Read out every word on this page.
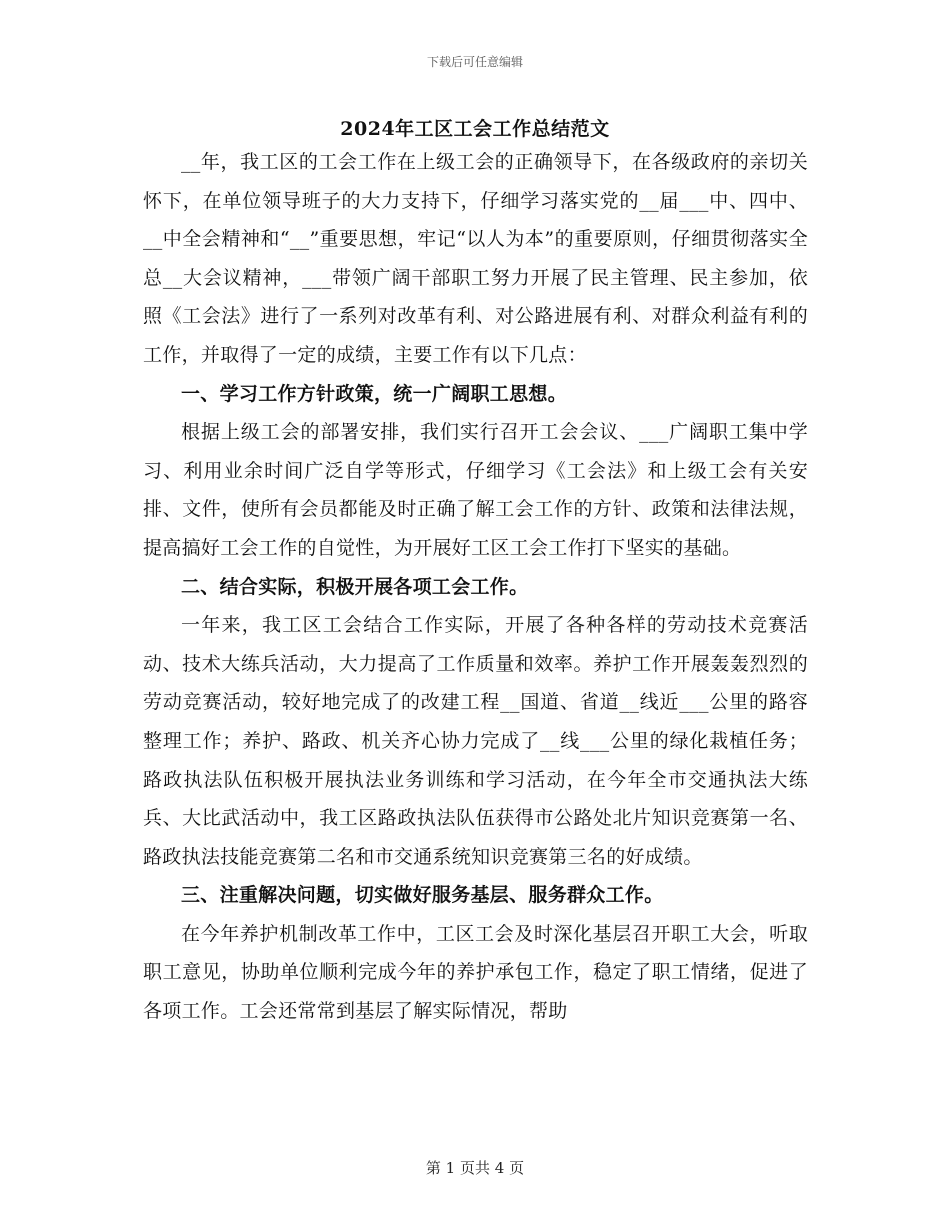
下载后可任意编辑
2024年工区工会工作总结范文

__年，我工区的工会工作在上级工会的正确领导下，在各级政府的亲切关怀下，在单位领导班子的大力支持下，仔细学习落实党的__届___中、四中、__中全会精神和“__”重要思想，牢记“以人为本”的重要原则，仔细贯彻落实全总__大会议精神，___带领广阔干部职工努力开展了民主管理、民主参加，依照《工会法》进行了一系列对改革有利、对公路进展有利、对群众利益有利的工作，并取得了一定的成绩，主要工作有以下几点：

一、学习工作方针政策，统一广阔职工思想。

根据上级工会的部署安排，我们实行召开工会会议、___广阔职工集中学习、利用业余时间广泛自学等形式，仔细学习《工会法》和上级工会有关安排、文件，使所有会员都能及时正确了解工会工作的方针、政策和法律法规，提高搞好工会工作的自觉性，为开展好工区工会工作打下坚实的基础。

二、结合实际，积极开展各项工会工作。

一年来，我工区工会结合工作实际，开展了各种各样的劳动技术竞赛活动、技术大练兵活动，大力提高了工作质量和效率。养护工作开展轰轰烈烈的劳动竞赛活动，较好地完成了的改建工程__国道、省道__线近___公里的路容整理工作；养护、路政、机关齐心协力完成了__线___公里的绿化栽植任务；路政执法队伍积极开展执法业务训练和学习活动，在今年全市交通执法大练兵、大比武活动中，我工区路政执法队伍获得市公路处北片知识竞赛第一名、路政执法技能竞赛第二名和市交通系统知识竞赛第三名的好成绩。

三、注重解决问题，切实做好服务基层、服务群众工作。

在今年养护机制改革工作中，工区工会及时深化基层召开职工大会，听取职工意见，协助单位顺利完成今年的养护承包工作，稳定了职工情绪，促进了各项工作。工会还常常到基层了解实际情况，帮助

第 1 页共 4 页
